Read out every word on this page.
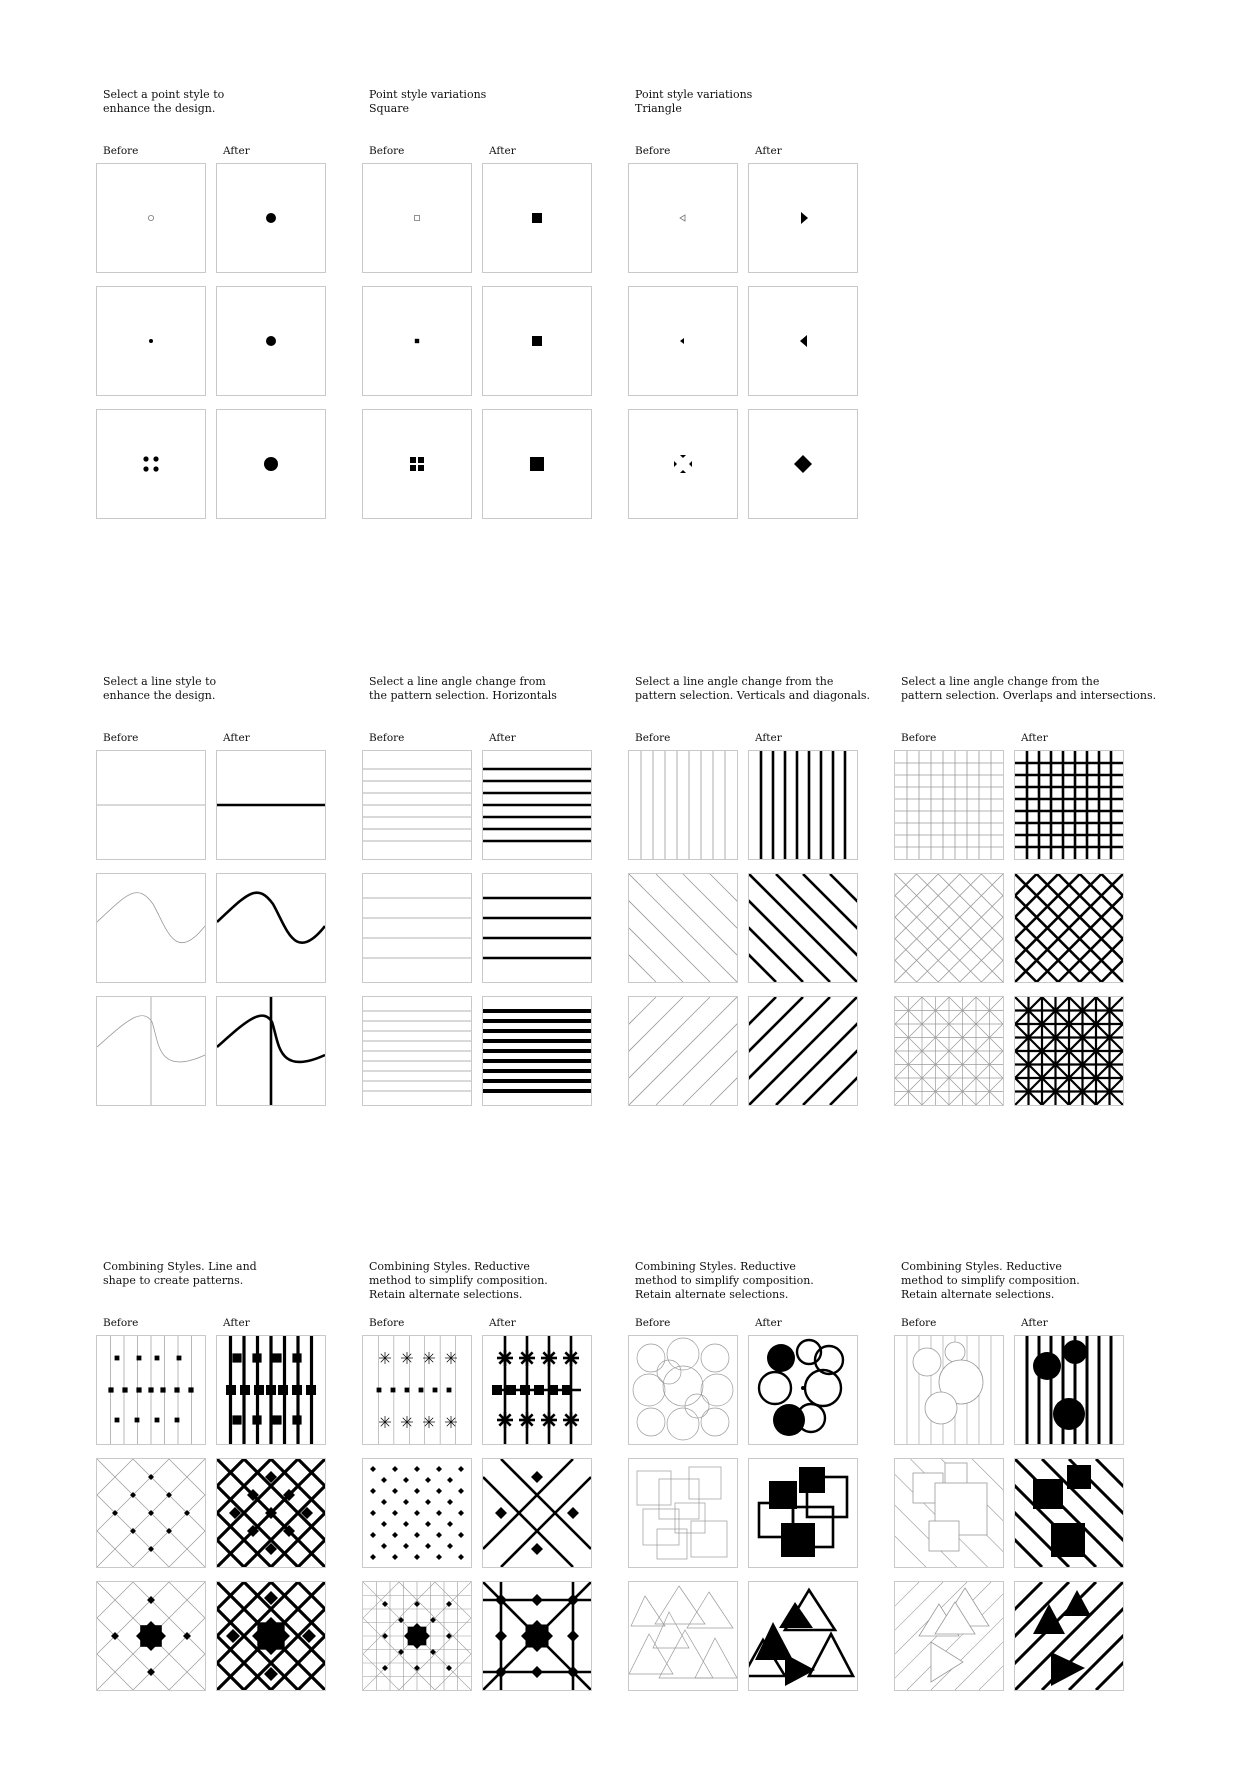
Select a point style to
enhance the design.
Before	After
Point style variations
Square
Before	After
Point style variations
Triangle
Before	After
Select a line style to
enhance the design.
Before	After
Select a line angle change from
the pattern selection. Horizontals
Before	After
Select a line angle change from the
pattern selection. Verticals and diagonals.
Before	After
Select a line angle change from the
pattern selection. Overlaps and intersections.
Before	After
Combining Styles. Line and
shape to create patterns.
Before	After
Combining Styles. Reductive
method to simplify composition.
Retain alternate selections.
Before	After
Combining Styles. Reductive
method to simplify composition.
Retain alternate selections.
Before	After
Combining Styles. Reductive
method to simplify composition.
Retain alternate selections.
Before	After
